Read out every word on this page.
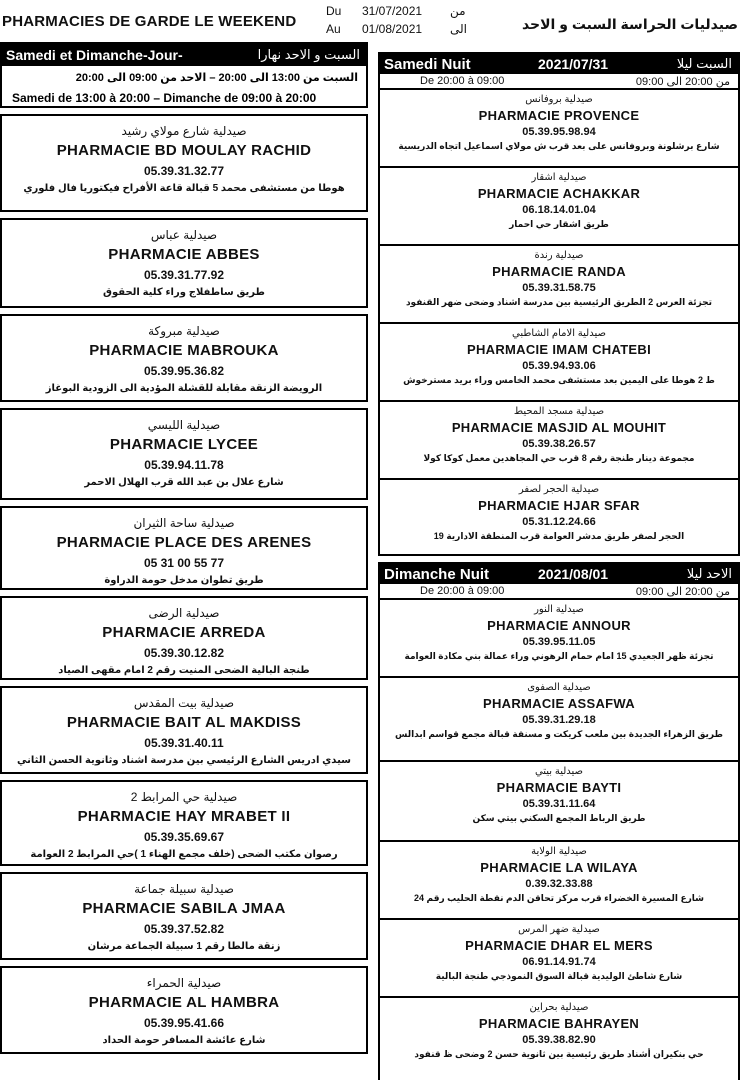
PHARMACIES DE GARDE LE WEEKEND
Du 31/07/2021 من
Au 01/08/2021 الى	صيدليات الحراسة السبت و الاحد
Samedi et Dimanche-Jour-	السبت و الاحد نهارا
السبت من 13:00 الى 20:00 – الاحد من 09:00 الى 20:00
Samedi de 13:00 à 20:00 – Dimanche de 09:00 à 20:00
صيدلية شارع مولاي رشيد
PHARMACIE BD MOULAY RACHID
05.39.31.32.77
هوطا من مستشفى محمد 5 قبالة قاعة الأفراح فيكتوريا فال فلوري
صيدلية عباس
PHARMACIE ABBES
05.39.31.77.92
طريق ساطفلاج وراء كلية الحقوق
صيدلية مبروكة
PHARMACIE MABROUKA
05.39.95.36.82
الرويضة الزنقة مقابلة للقشلة المؤدية الى الزودية البوغاز
صيدلية الليسي
PHARMACIE LYCEE
05.39.94.11.78
شارع علال بن عبد الله قرب الهلال الاحمر
صيدلية ساحة الثيران
PHARMACIE PLACE DES ARENES
05 31 00 55 77
طريق تطوان مدخل حومة الدراوة
صيدلية الرضى
PHARMACIE ARREDA
05.39.30.12.82
طنجة البالية الضحى المنيت رقم 2 امام مقهى الصياد
صيدلية بيت المقدس
PHARMACIE BAIT AL MAKDISS
05.39.31.40.11
سيدي ادريس الشارع الرئيسي بين مدرسة اشناد وثانوية الحسن الثاني
صيدلية حي المرابط 2
PHARMACIE HAY MRABET II
05.39.35.69.67
رصوان مكتب الضحى (خلف مجمع الهناء 1 )حي المرابط 2 العوامة
صيدلية سبيلة جماعة
PHARMACIE SABILA JMAA
05.39.37.52.82
زنقة مالطا رقم 1 سبيلة الجماعة مرشان
صيدلية الحمراء
PHARMACIE AL HAMBRA
05.39.95.41.66
شارع عائشة المسافر حومة الحداد
Samedi Nuit	2021/07/31	السبت ليلا
De 20:00 à 09:00	من 20:00 الى 09:00
صيدلية بروفانس
PHARMACIE PROVENCE
05.39.95.98.94
شارع برشلونة وبروفانس على بعد قرب ش مولاي اسماعيل اتجاه الدريسية
صيدلية اشقار
PHARMACIE ACHAKKAR
06.18.14.01.04
طريق اشقار حي احمار
صيدلية رندة
PHARMACIE RANDA
05.39.31.58.75
تجزئة العرس 2 الطريق الرئيسية بين مدرسة اشناد وضحى ضهر القنفود
صيدلية الامام الشاطبي
PHARMACIE IMAM CHATEBI
05.39.94.93.06
ط 2 هوطا على اليمين بعد مستشفى محمد الخامس وراء بريد مسترخوش
صيدلية مسجد المحيط
PHARMACIE MASJID AL MOUHIT
05.39.38.26.57
مجموعة دينار طنجة رقم 8 قرب حي المجاهدين معمل كوكا كولا
صيدلية الحجر لصفر
PHARMACIE HJAR SFAR
05.31.12.24.66
الحجر لصفر طريق مدشر العوامة قرب المنطقة الادارية 19
Dimanche Nuit	2021/08/01	الاحد ليلا
De 20:00 à 09:00	من 20:00 الى 09:00
صيدلية النور
PHARMACIE ANNOUR
05.39.95.11.05
تجزئة ظهر الجعيدي 15 امام حمام الرهوني وراء عمالة بني مكادة العوامة
صيدلية الصفوى
PHARMACIE ASSAFWA
05.39.31.29.18
طريق الزهراء الجديدة بين ملعب كريكت و مسنقة قبالة مجمع قواسم ابدالس
صيدلية بيتي
PHARMACIE BAYTI
05.39.31.11.64
طريق الرباط المجمع السكني بيتي سكن
صيدلية الولاية
PHARMACIE LA WILAYA
0.39.32.33.88
شارع المسيرة الخضراء قرب مركز تحاقن الدم نقطة الحليب رقم 24
صيدلية ضهر المرس
PHARMACIE DHAR EL MERS
06.91.14.91.74
شارع شاطئ الوليدية قبالة السوق النموذجي طنجة البالية
صيدلية بحراين
PHARMACIE BAHRAYEN
05.39.38.82.90
حي بنكيران أشناد طريق رئيسية بين ثانوية حسن 2 وضحى ظ قنفود
